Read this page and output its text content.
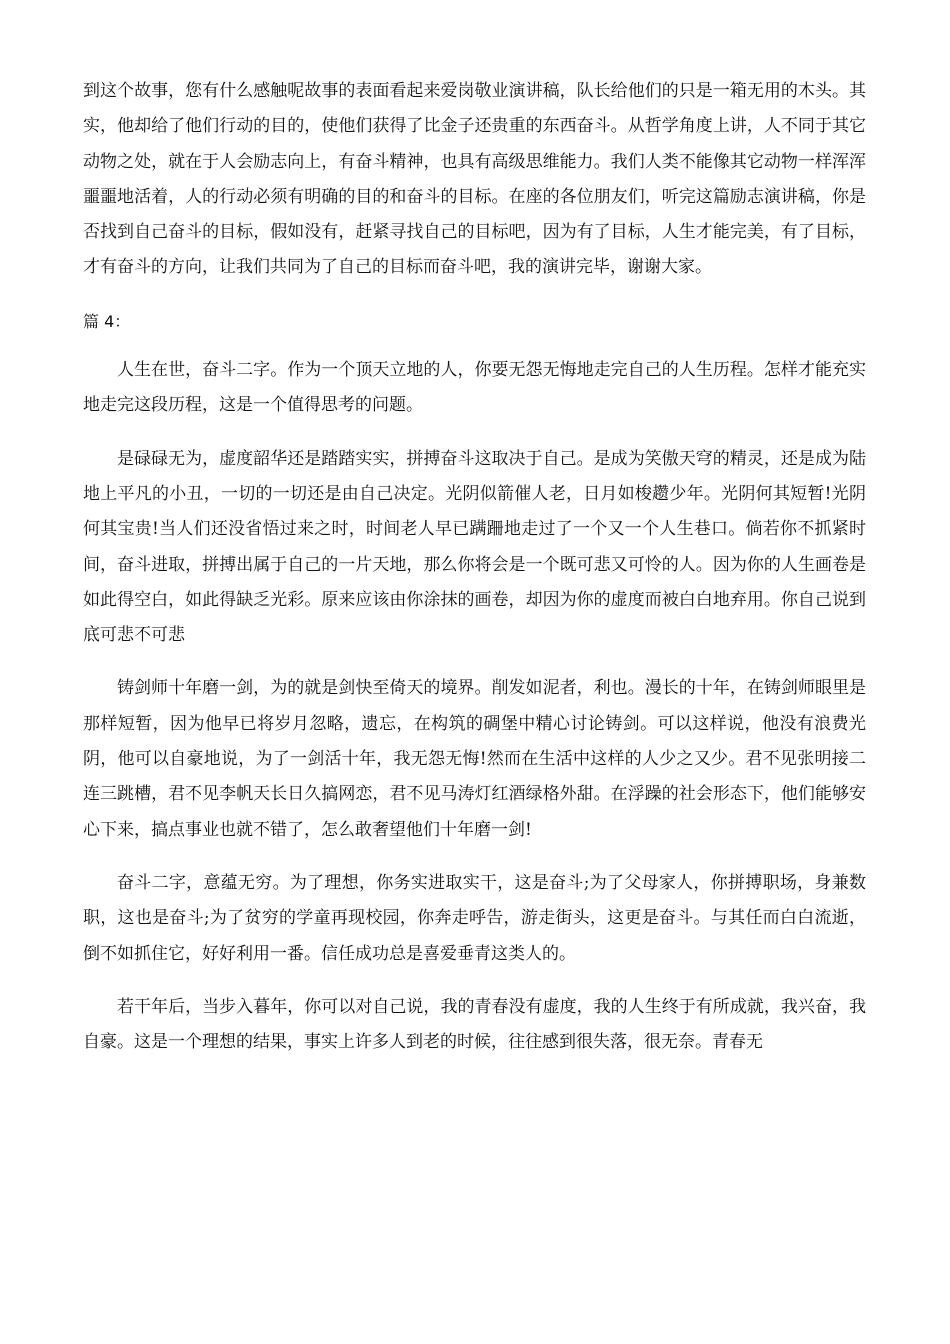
到这个故事，您有什么感触呢故事的表面看起来爱岗敬业演讲稿，队长给他们的只是一箱无用的木头。其实，他却给了他们行动的目的，使他们获得了比金子还贵重的东西奋斗。从哲学角度上讲，人不同于其它动物之处，就在于人会励志向上，有奋斗精神，也具有高级思维能力。我们人类不能像其它动物一样浑浑噩噩地活着，人的行动必须有明确的目的和奋斗的目标。在座的各位朋友们，听完这篇励志演讲稿，你是否找到自己奋斗的目标，假如没有，赶紧寻找自己的目标吧，因为有了目标，人生才能完美，有了目标，才有奋斗的方向，让我们共同为了自己的目标而奋斗吧，我的演讲完毕，谢谢大家。

篇 4：

人生在世，奋斗二字。作为一个顶天立地的人，你要无怨无悔地走完自己的人生历程。怎样才能充实地走完这段历程，这是一个值得思考的问题。

是碌碌无为，虚度韶华还是踏踏实实，拼搏奋斗这取决于自己。是成为笑傲天穹的精灵，还是成为陆地上平凡的小丑，一切的一切还是由自己决定。光阴似箭催人老，日月如梭趱少年。光阴何其短暂!光阴何其宝贵!当人们还没省悟过来之时，时间老人早已蹒跚地走过了一个又一个人生巷口。倘若你不抓紧时间，奋斗进取，拼搏出属于自己的一片天地，那么你将会是一个既可悲又可怜的人。因为你的人生画卷是如此得空白，如此得缺乏光彩。原来应该由你涂抹的画卷，却因为你的虚度而被白白地弃用。你自己说到底可悲不可悲

铸剑师十年磨一剑，为的就是剑快至倚天的境界。削发如泥者，利也。漫长的十年，在铸剑师眼里是那样短暂，因为他早已将岁月忽略，遗忘，在构筑的碉堡中精心讨论铸剑。可以这样说，他没有浪费光阴，他可以自豪地说，为了一剑活十年，我无怨无悔!然而在生活中这样的人少之又少。君不见张明接二连三跳槽，君不见李帆天长日久搞网恋，君不见马涛灯红酒绿格外甜。在浮躁的社会形态下，他们能够安心下来，搞点事业也就不错了，怎么敢奢望他们十年磨一剑!

奋斗二字，意蕴无穷。为了理想，你务实进取实干，这是奋斗;为了父母家人，你拼搏职场，身兼数职，这也是奋斗;为了贫穷的学童再现校园，你奔走呼告，游走街头，这更是奋斗。与其任而白白流逝，倒不如抓住它，好好利用一番。信任成功总是喜爱垂青这类人的。

若干年后，当步入暮年，你可以对自己说，我的青春没有虚度，我的人生终于有所成就，我兴奋，我自豪。这是一个理想的结果，事实上许多人到老的时候，往往感到很失落，很无奈。青春无
